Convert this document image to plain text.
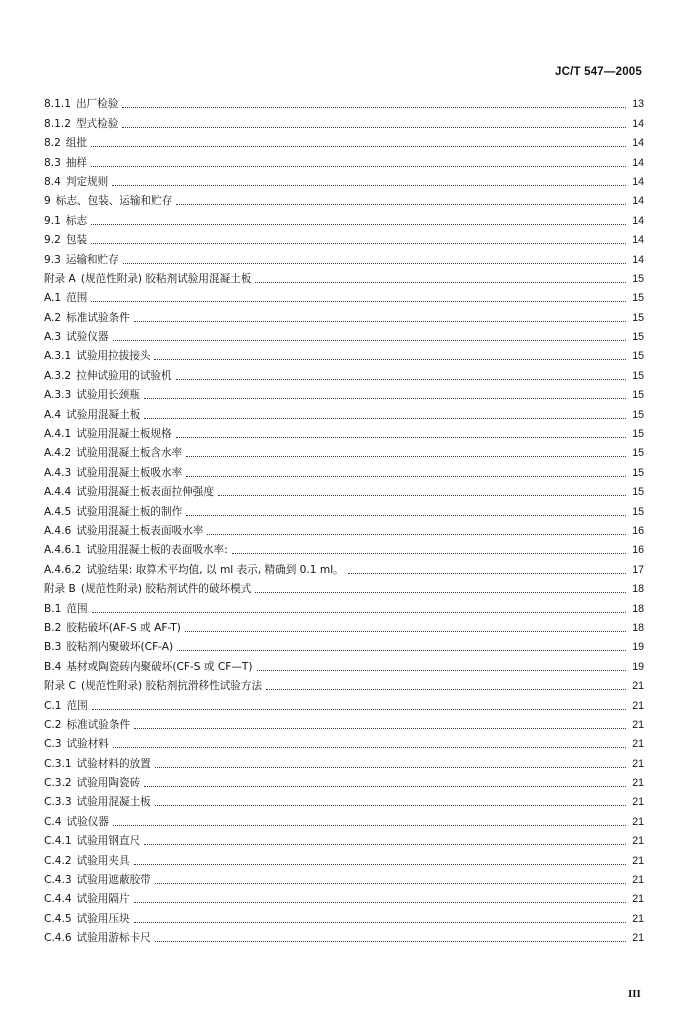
JC/T 547—2005
8.1.1 出厂检验	13
8.1.2 型式检验	14
8.2 组批	14
8.3 抽样	14
8.4 判定规则	14
9 标志、包装、运输和贮存	14
9.1 标志	14
9.2 包装	14
9.3 运输和贮存	14
附录 A (规范性附录) 胶粘剂试验用混凝土板	15
A.1 范围	15
A.2 标准试验条件	15
A.3 试验仪器	15
A.3.1 试验用拉拔接头	15
A.3.2 拉伸试验用的试验机	15
A.3.3 试验用长颈瓶	15
A.4 试验用混凝土板	15
A.4.1 试验用混凝土板规格	15
A.4.2 试验用混凝土板含水率	15
A.4.3 试验用混凝土板吸水率	15
A.4.4 试验用混凝土板表面拉伸强度	15
A.4.5 试验用混凝土板的制作	15
A.4.6 试验用混凝土板表面吸水率	16
A.4.6.1 试验用混凝土板的表面吸水率:	16
A.4.6.2 试验结果: 取算术平均值, 以 ml 表示, 精确到 0.1 ml。	17
附录 B (规范性附录) 胶粘剂试件的破坏模式	18
B.1 范围	18
B.2 胶粘破坏(AF-S 或 AF-T)	18
B.3 胶粘剂内聚破坏(CF-A)	19
B.4 基材或陶瓷砖内聚破坏(CF-S 或 CF—T)	19
附录 C (规范性附录) 胶粘剂抗滑移性试验方法	21
C.1 范围	21
C.2 标准试验条件	21
C.3 试验材料	21
C.3.1 试验材料的放置	21
C.3.2 试验用陶瓷砖	21
C.3.3 试验用混凝土板	21
C.4 试验仪器	21
C.4.1 试验用钢直尺	21
C.4.2 试验用夹具	21
C.4.3 试验用遮蔽胶带	21
C.4.4 试验用隔片	21
C.4.5 试验用压块	21
C.4.6 试验用游标卡尺	21
III
